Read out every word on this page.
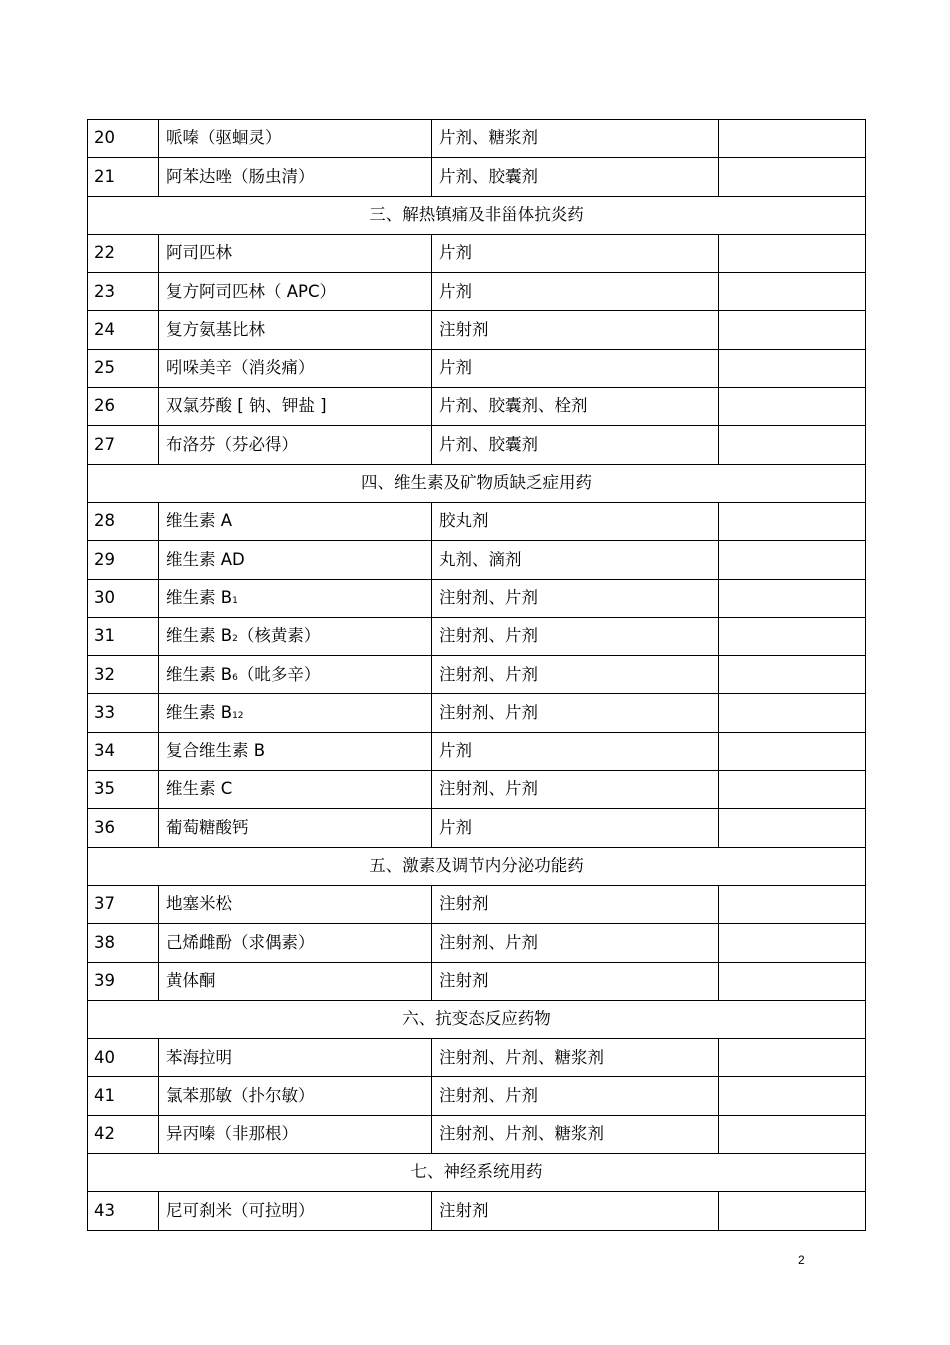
20	哌嗪（驱蛔灵）	片剂、糖浆剂	
21	阿苯达唑（肠虫清）	片剂、胶囊剂	
三、解热镇痛及非甾体抗炎药			
22	阿司匹林	片剂	
23	复方阿司匹林（ APC）	片剂	
24	复方氨基比林	注射剂	
25	吲哚美辛（消炎痛）	片剂	
26	双氯芬酸 [ 钠、钾盐 ]	片剂、胶囊剂、栓剂	
27	布洛芬（芬必得）	片剂、胶囊剂	
四、维生素及矿物质缺乏症用药			
28	维生素 A	胶丸剂	
29	维生素 AD	丸剂、滴剂	
30	维生素 B1	注射剂、片剂	
31	维生素 B2（核黄素）	注射剂、片剂	
32	维生素 B6（吡多辛）	注射剂、片剂	
33	维生素 B12	注射剂、片剂	
34	复合维生素 B	片剂	
35	维生素 C	注射剂、片剂	
36	葡萄糖酸钙	片剂	
五、激素及调节内分泌功能药			
37	地塞米松	注射剂	
38	己烯雌酚（求偶素）	注射剂、片剂	
39	黄体酮	注射剂	
六、抗变态反应药物			
40	苯海拉明	注射剂、片剂、糖浆剂	
41	氯苯那敏（扑尔敏）	注射剂、片剂	
42	异丙嗪（非那根）	注射剂、片剂、糖浆剂	
七、神经系统用药			
43	尼可刹米（可拉明）	注射剂	
2
